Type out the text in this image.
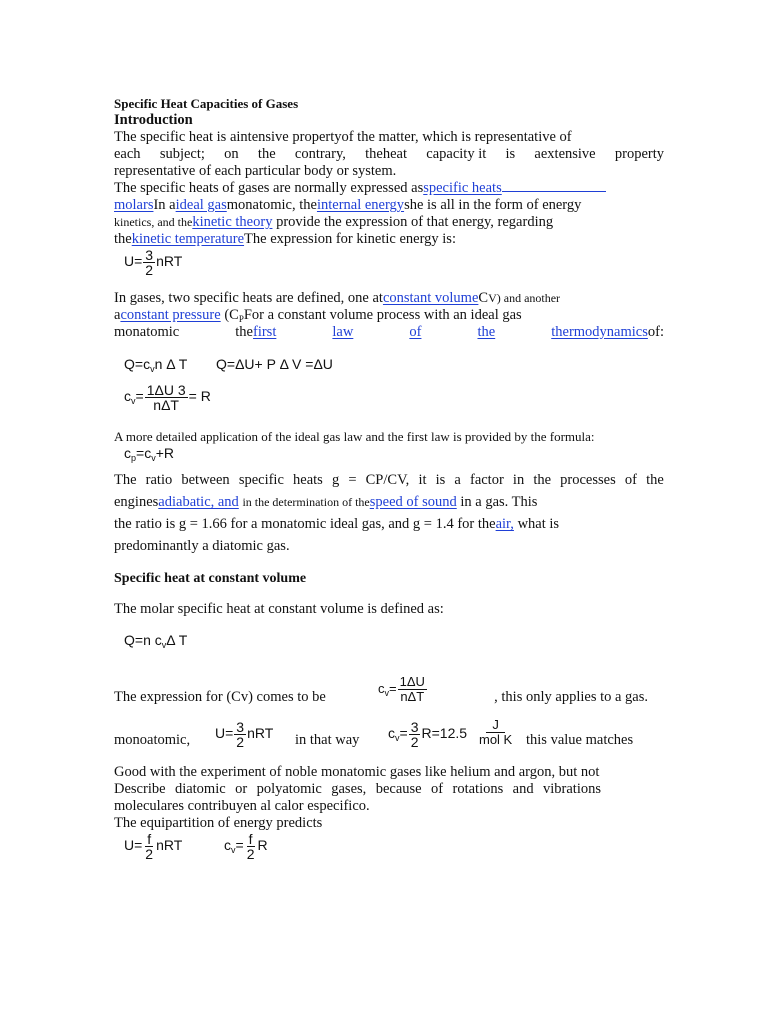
Specific Heat Capacities of Gases
Introduction
The specific heat is aintensive propertyof the matter, which is representative of
each subject; on the contrary, theheat capacity it is aextensive property
representative of each particular body or system.
The specific heats of gases are normally expressed asspecific heats
molarsIn aideal gasmonatomic, theinternal energyshe is all in the form of energy
kinetics, and thekinetic theory provide the expression of that energy, regarding
thekinetic temperatureThe expression for kinetic energy is:
$U= \frac{3}{2}$ nRT
In gases, two specific heats are defined, one atconstant volumeCV) and another
aconstant pressure ($C_PFor$ a constant volume process with an ideal gas
monatomic	thefirst	law	of	the	thermodynamicsof:
$Q=c_vn$ Δ T Q=ΔU+ P Δ V =ΔU
$c_v= \frac{1\Delta U 3}{\text{nΔT}} = R$
A more detailed application of the ideal gas law and the first law is provided by the formula:
$c_p=c_v+R$
The ratio between specific heats g = CP/CV, it is a factor in the processes of the
enginesadiabatic, and in the determination of thespeed of sound in a gas. This
the ratio is g = 1.66 for a monatomic ideal gas, and g = 1.4 for theair, what is
predominantly a diatomic gas.
Specific heat at constant volume
The molar specific heat at constant volume is defined as:
Q=n $c_v\Delta$ T
The expression for (Cv) comes to be	, this only applies to a gas.
$c_v= \frac{1\Delta U}{\text{nΔT}}$
monoatomic,	$U= \frac{3}{2}$ nRT in that way $c_v= \frac{3}{2} R=12.5 \frac{J}{\text{mol K}}$ this value matches
Good with the experiment of noble monatomic gases like helium and argon, but not
Describe diatomic or polyatomic gases, because of rotations and vibrations
moleculares contribuyen al calor especifico.
The equipartition of energy predicts
$U= \frac{f}{2}$ nRT	$c_v= \frac{f}{2}$ R
